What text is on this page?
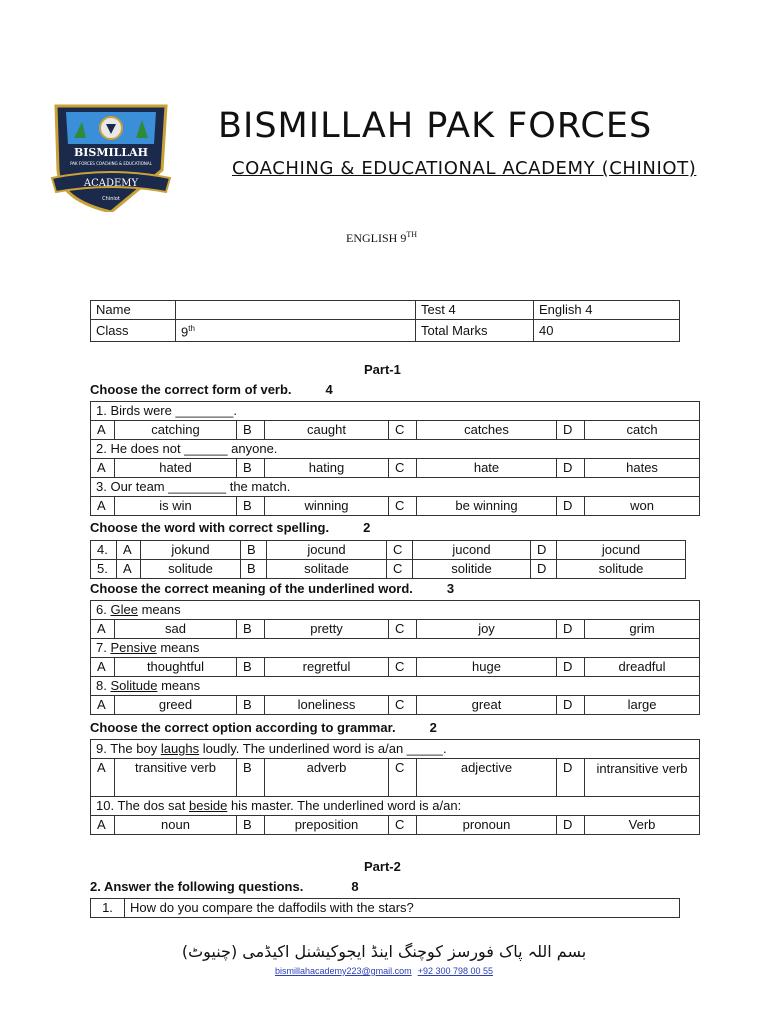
BISMILLAH
PAK FORCES COACHING & EDUCATIONAL
ACADEMY
Chiniot
BISMILLAH PAK FORCES
COACHING & EDUCATIONAL ACADEMY (CHINIOT)
ENGLISH 9TH
Name		Test 4	English 4
Class	9th	Total Marks	40
Part-1
Choose the correct form of verb.	4
1. Birds were ________.							
A	catching	B	caught	C	catches	D	catch
2. He does not ______ anyone.							
A	hated	B	hating	C	hate	D	hates
3. Our team ________ the match.							
A	is win	B	winning	C	be winning	D	won
Choose the word with correct spelling.	2
4.	A	jokund	B	jocund	C	jucond	D	jocund
5.	A	solitude	B	solitade	C	solitide	D	solitude
Choose the correct meaning of the underlined word.	3
6. Glee means							
A	sad	B	pretty	C	joy	D	grim
7. Pensive means							
A	thoughtful	B	regretful	C	huge	D	dreadful
8. Solitude means							
A	greed	B	loneliness	C	great	D	large
Choose the correct option according to grammar.	2
9. The boy laughs loudly. The underlined word is a/an _____.							
A	transitive verb	B	adverb	C	adjective	D	intransitive verb
10. The dos sat beside his master. The underlined word is a/an:							
A	noun	B	preposition	C	pronoun	D	Verb
Part-2
2. Answer the following questions.	8
1.	How do you compare the daffodils with the stars?
بسم اللہ پاک فورسز کوچنگ اینڈ ایجوکیشنل اکیڈمی (چنیوٹ)
bismillahacademy223@gmail.com +92 300 798 00 55
